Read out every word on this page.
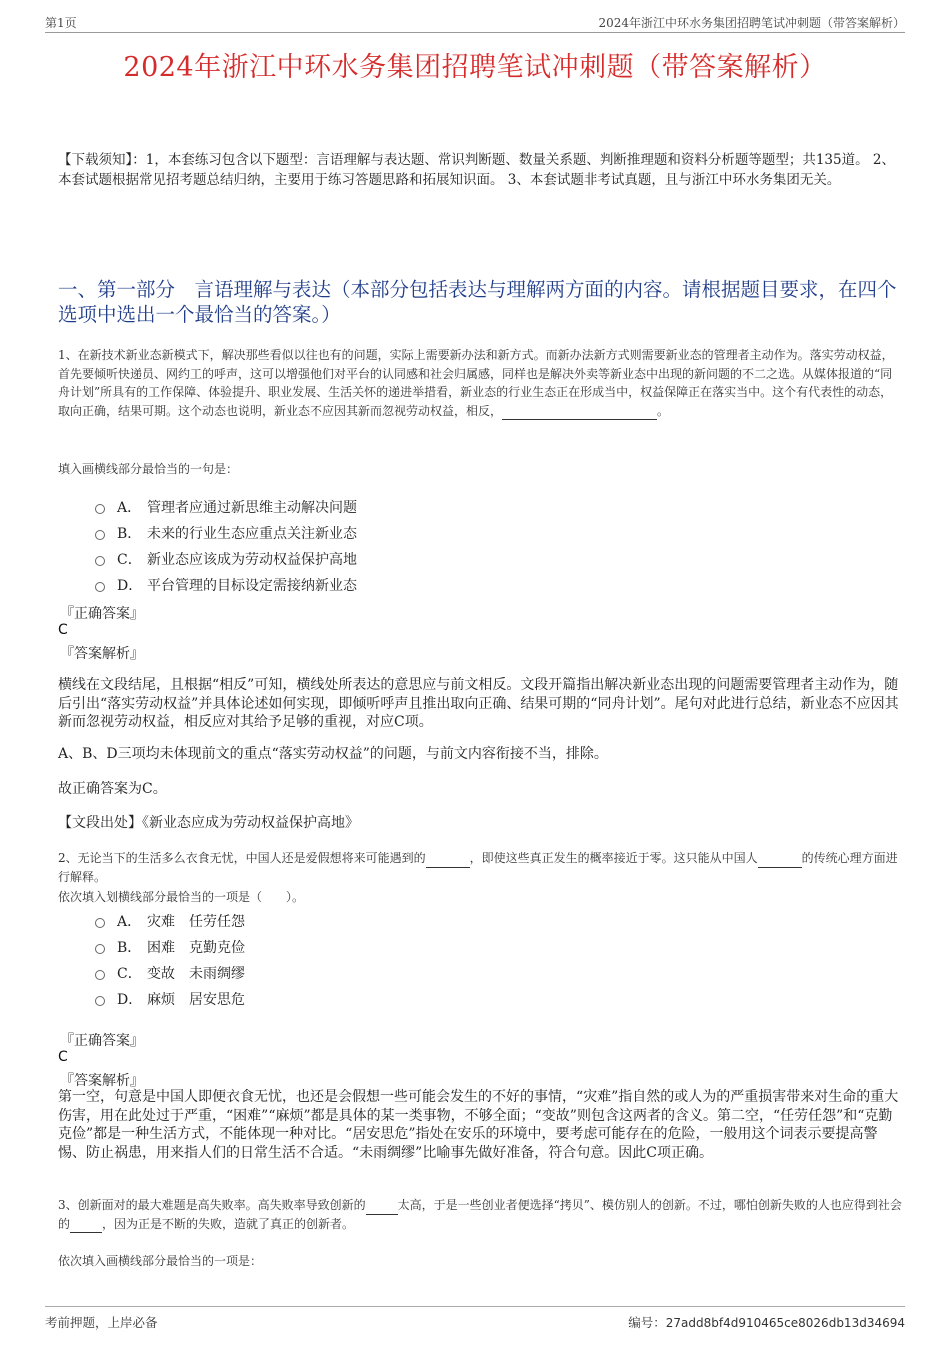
第1页	2024年浙江中环水务集团招聘笔试冲刺题（带答案解析）
2024年浙江中环水务集团招聘笔试冲刺题（带答案解析）
【下载须知】：1，本套练习包含以下题型：言语理解与表达题、常识判断题、数量关系题、判断推理题和资料分析题等题型；共135道。 2、本套试题根据常见招考题总结归纳，主要用于练习答题思路和拓展知识面。 3、本套试题非考试真题，且与浙江中环水务集团无关。
一、第一部分　言语理解与表达（本部分包括表达与理解两方面的内容。请根据题目要求，在四个选项中选出一个最恰当的答案。）
1、在新技术新业态新模式下，解决那些看似以往也有的问题，实际上需要新办法和新方式。而新办法新方式则需要新业态的管理者主动作为。落实劳动权益，首先要倾听快递员、网约工的呼声，这可以增强他们对平台的认同感和社会归属感，同样也是解决外卖等新业态中出现的新问题的不二之选。从媒体报道的“同舟计划”所具有的工作保障、体验提升、职业发展、生活关怀的递进举措看，新业态的行业生态正在形成当中，权益保障正在落实当中。这个有代表性的动态，取向正确，结果可期。这个动态也说明，新业态不应因其新而忽视劳动权益，相反，	。
填入画横线部分最恰当的一句是：
A． 管理者应通过新思维主动解决问题
B． 未来的行业生态应重点关注新业态
C． 新业态应该成为劳动权益保护高地
D． 平台管理的目标设定需接纳新业态
『正确答案』
C
『答案解析』
横线在文段结尾，且根据“相反”可知，横线处所表达的意思应与前文相反。文段开篇指出解决新业态出现的问题需要管理者主动作为，随后引出“落实劳动权益”并具体论述如何实现，即倾听呼声且推出取向正确、结果可期的“同舟计划”。尾句对此进行总结，新业态不应因其新而忽视劳动权益，相反应对其给予足够的重视，对应C项。
A、B、D三项均未体现前文的重点“落实劳动权益”的问题，与前文内容衔接不当，排除。
故正确答案为C。
【文段出处】《新业态应成为劳动权益保护高地》
2、无论当下的生活多么衣食无忧，中国人还是爱假想将来可能遇到的	，即使这些真正发生的概率接近于零。这只能从中国人	的传统心理方面进行解释。
依次填入划横线部分最恰当的一项是（　　）。
A． 灾难　任劳任怨
B． 困难　克勤克俭
C． 变故　未雨绸缪
D． 麻烦　居安思危
『正确答案』
C
『答案解析』
第一空，句意是中国人即便衣食无忧，也还是会假想一些可能会发生的不好的事情，“灾难”指自然的或人为的严重损害带来对生命的重大伤害，用在此处过于严重，“困难”“麻烦”都是具体的某一类事物，不够全面；“变故”则包含这两者的含义。第二空，“任劳任怨”和“克勤克俭”都是一种生活方式，不能体现一种对比。“居安思危”指处在安乐的环境中，要考虑可能存在的危险，一般用这个词表示要提高警惕、防止祸患，用来指人们的日常生活不合适。“未雨绸缪”比喻事先做好准备，符合句意。因此C项正确。
3、创新面对的最大难题是高失败率。高失败率导致创新的	太高，于是一些创业者便选择“拷贝”、模仿别人的创新。不过，哪怕创新失败的人也应得到社会的	，因为正是不断的失败，造就了真正的创新者。
依次填入画横线部分最恰当的一项是：
考前押题，上岸必备	编号：27add8bf4d910465ce8026db13d34694
